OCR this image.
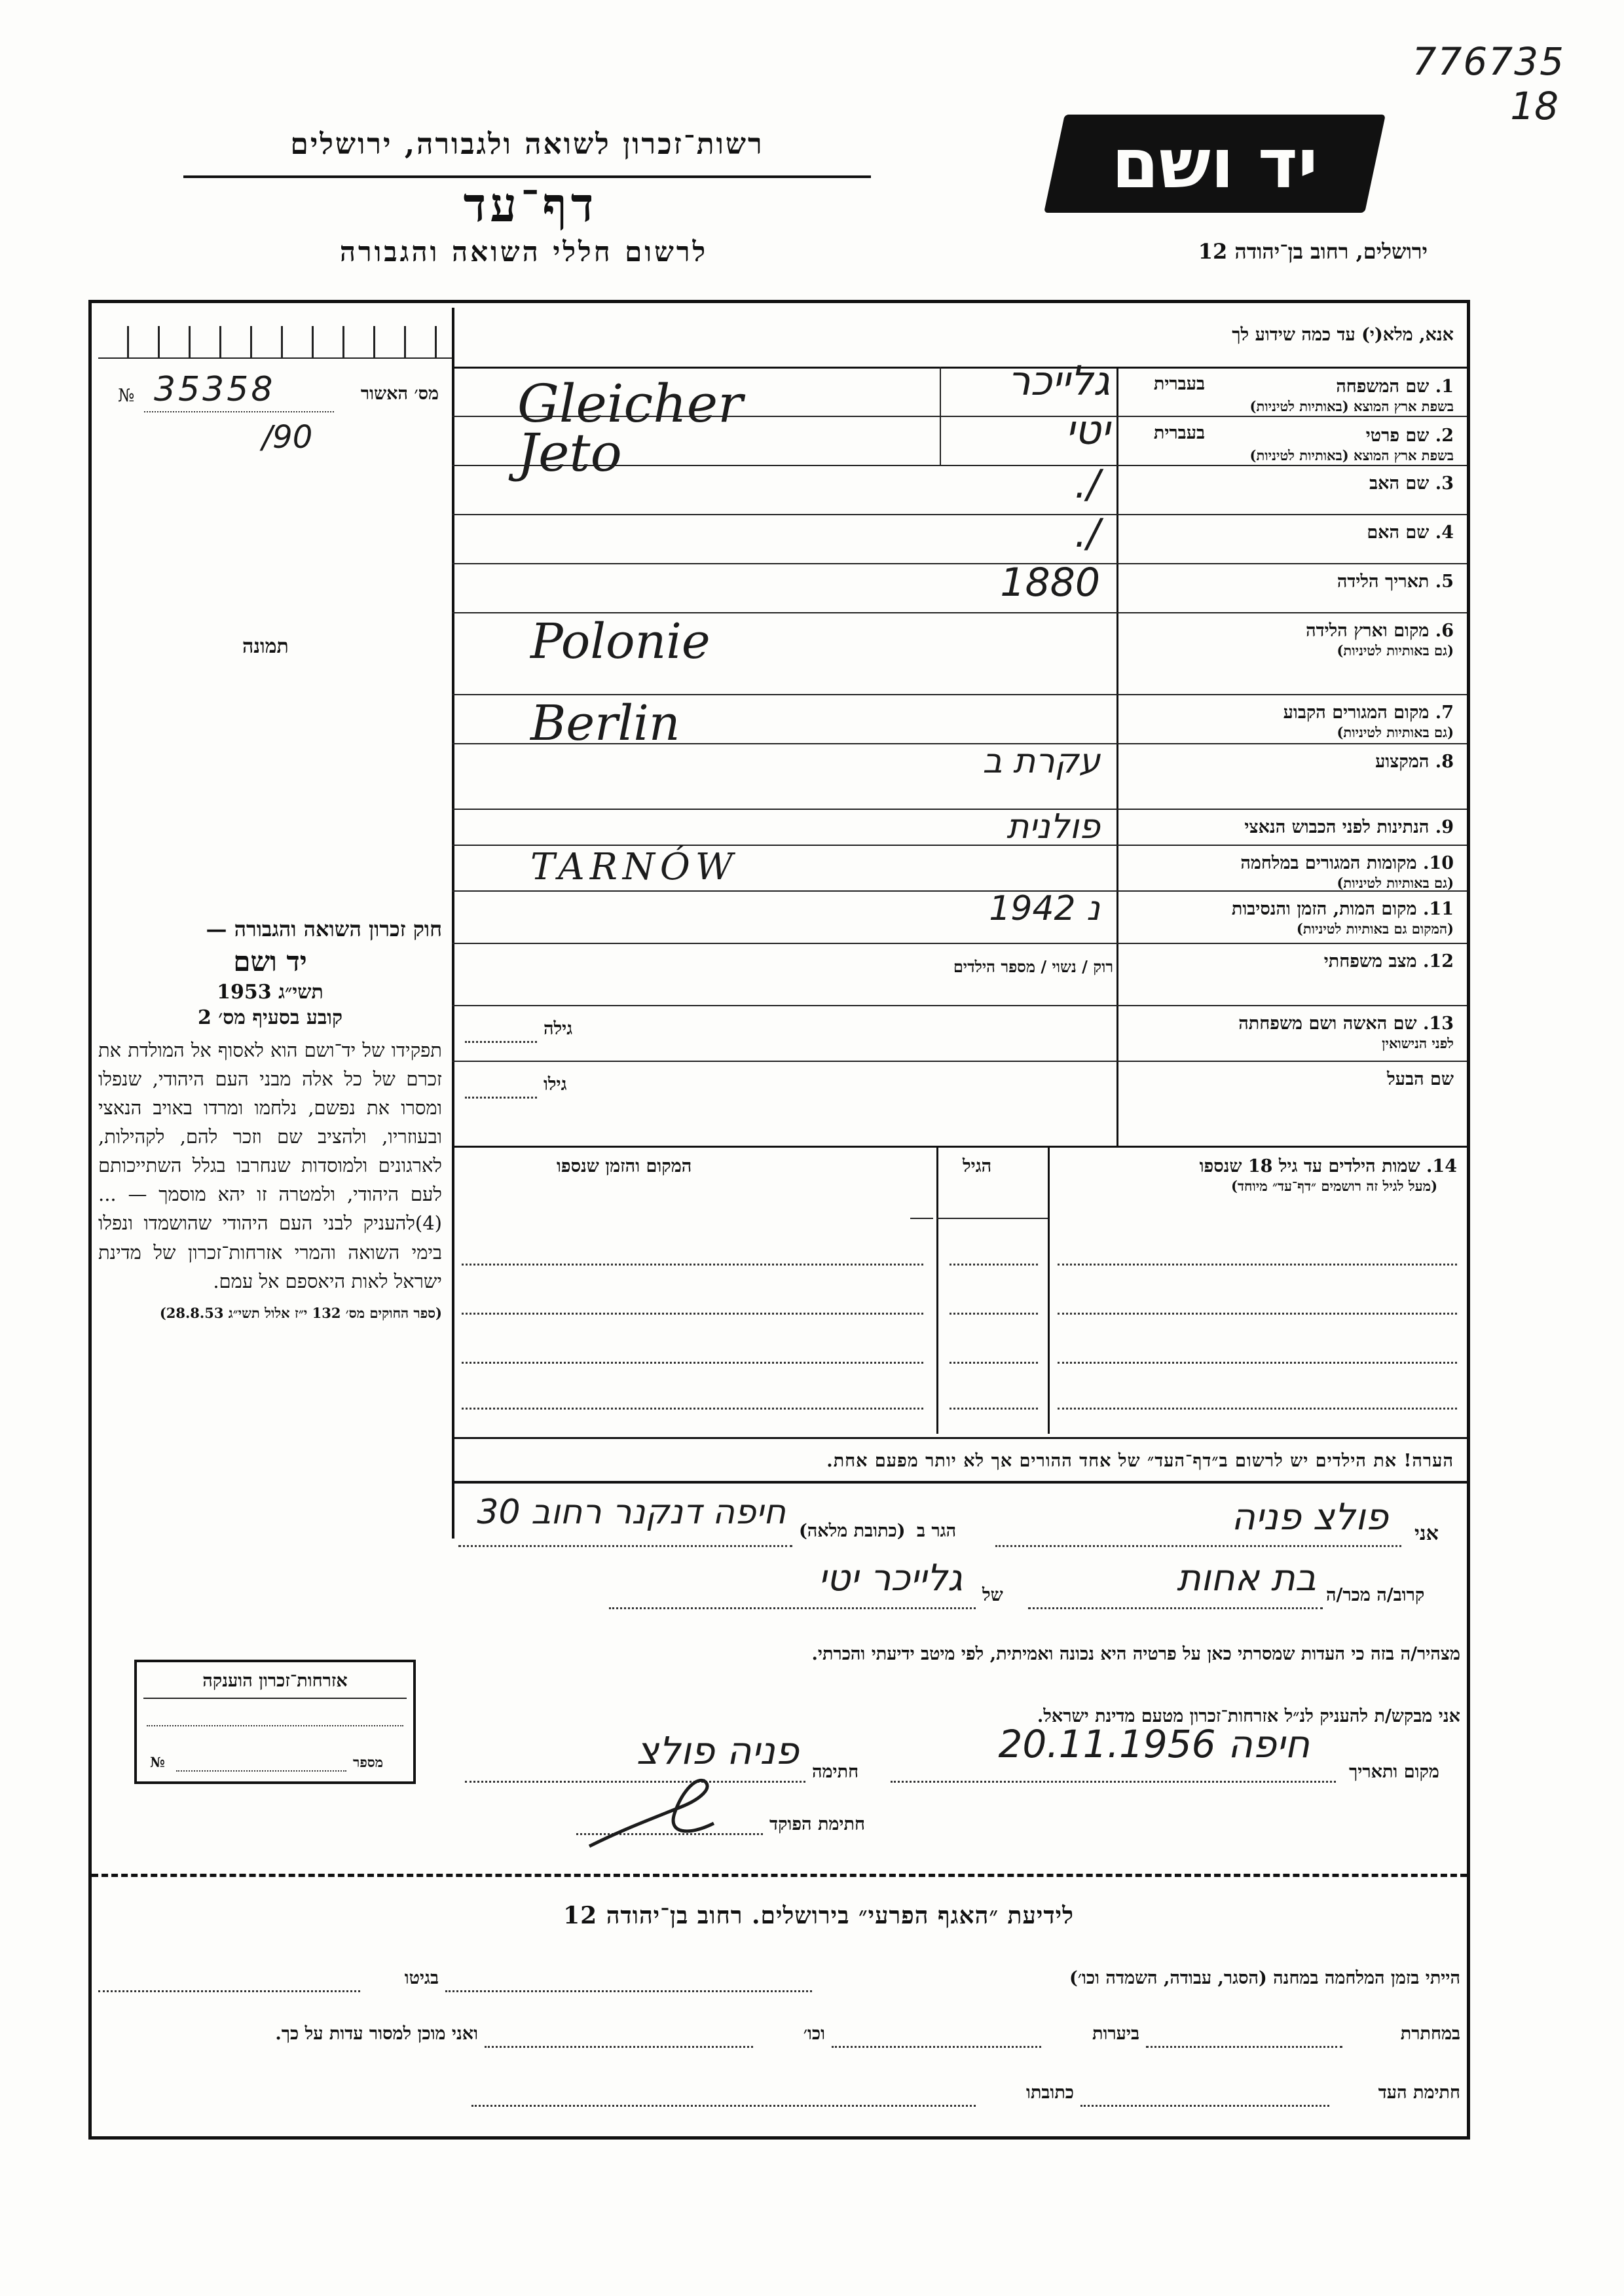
776735
18
יד ושם
רשות־זכרון לשואה ולגבורה, ירושלים
דף־עד
לרשום חללי השואה והגבורה	ירושלים, רחוב בן־יהודה 12
מס׳ האשור
№ 35358
/90
תמונה
חוק זכרון השואה והגבורה —
יד ושם
תשי״ג 1953
קובע בסעיף מס׳ 2
תפקידו של יד־ושם הוא לאסוף אל המולדת את זכרם של כל אלה מבני העם היהודי, שנפלו ומסרו את נפשם, נלחמו ומרדו באויב הנאצי ובעוזריו, ולהציב שם וזכר להם, לקהילות, לארגונים ולמוסדות שנחרבו בגלל השתייכותם לעם היהודי, ולמטרה זו יהא מוסמך — ...(4)להעניק לבני העם היהודי שהושמדו ונפלו בימי השואה והמרי אזרחות־זכרון של מדינת ישראל לאות היאספם אל עמם.
(ספר החוקים מס׳ 132 י״ז אלול תשי״ג 28.8.53)
אנא, מלא(י) עד כמה שידוע לך
1. שם המשפחה
בשפת ארץ המוצא (באותיות לטיניות)
בעברית
גלייכר
Gleicher
2. שם פרטי
בשפת ארץ המוצא (באותיות לטיניות)
בעברית
יטי
Jeto
3. שם האב
/.
4. שם האם
/.
5. תאריך הלידה
1880
6. מקום וארץ הלידה
(גם באותיות לטיניות)
Polonie
7. מקום המגורים הקבוע
(גם באותיות לטיניות)
Berlin
8. המקצוע
עקרת ב
9. הנתינות לפני הכבוש הנאצי
פולנית
10. מקומות המגורים במלחמה
(גם באותיות לטיניות)
TARNÓW
11. מקום המות, הזמן והנסיבות
(המקום גם באותיות לטיניות)
נ 1942
12. מצב משפחתי
רוק / נשוי / מספר הילדים
13. שם האשה ושם משפחתה
לפני הנישואין
גילה
שם הבעל
גילו
14. שמות הילדים עד גיל 18 שנספו
(מעל לגיל זה רושמים ״דף־עד״ מיוחד)
הגיל
המקום והזמן שנספו
הערה! את הילדים יש לרשום ב״דף־העד״ של אחד ההורים אך לא יותר מפעם אחת.
אני
פולצ פניה
הגר ב
(כתובת מלאה)
חיפה דנקנר רחוב 30
קרוב/ה מכר/ה
בת אחות
של
גלייכר יטי
מצהיר/ה בזה כי העדות שמסרתי כאן על פרטיה היא נכונה ואמיתית, לפי מיטב ידיעתי והכרתי.
אני מבקש/ת להעניק לנ״ל אזרחות־זכרון מטעם מדינת ישראל.
אזרחות־זכרון הוענקה
№	מספר	מקום ותאריך
חיפה 20.11.1956
חתימה
פניה פולצ
חתימת הפוקד
לידיעת ״האגף הפרעי״ בירושלים. רחוב בן־יהודה 12
הייתי בזמן המלחמה במחנה (הסגר, עבודה, השמדה וכו׳)
בגיטו
במחתרת
ביערות
וכו׳
ואני מוכן למסור עדות על כך.
חתימת העד
כתובתו
